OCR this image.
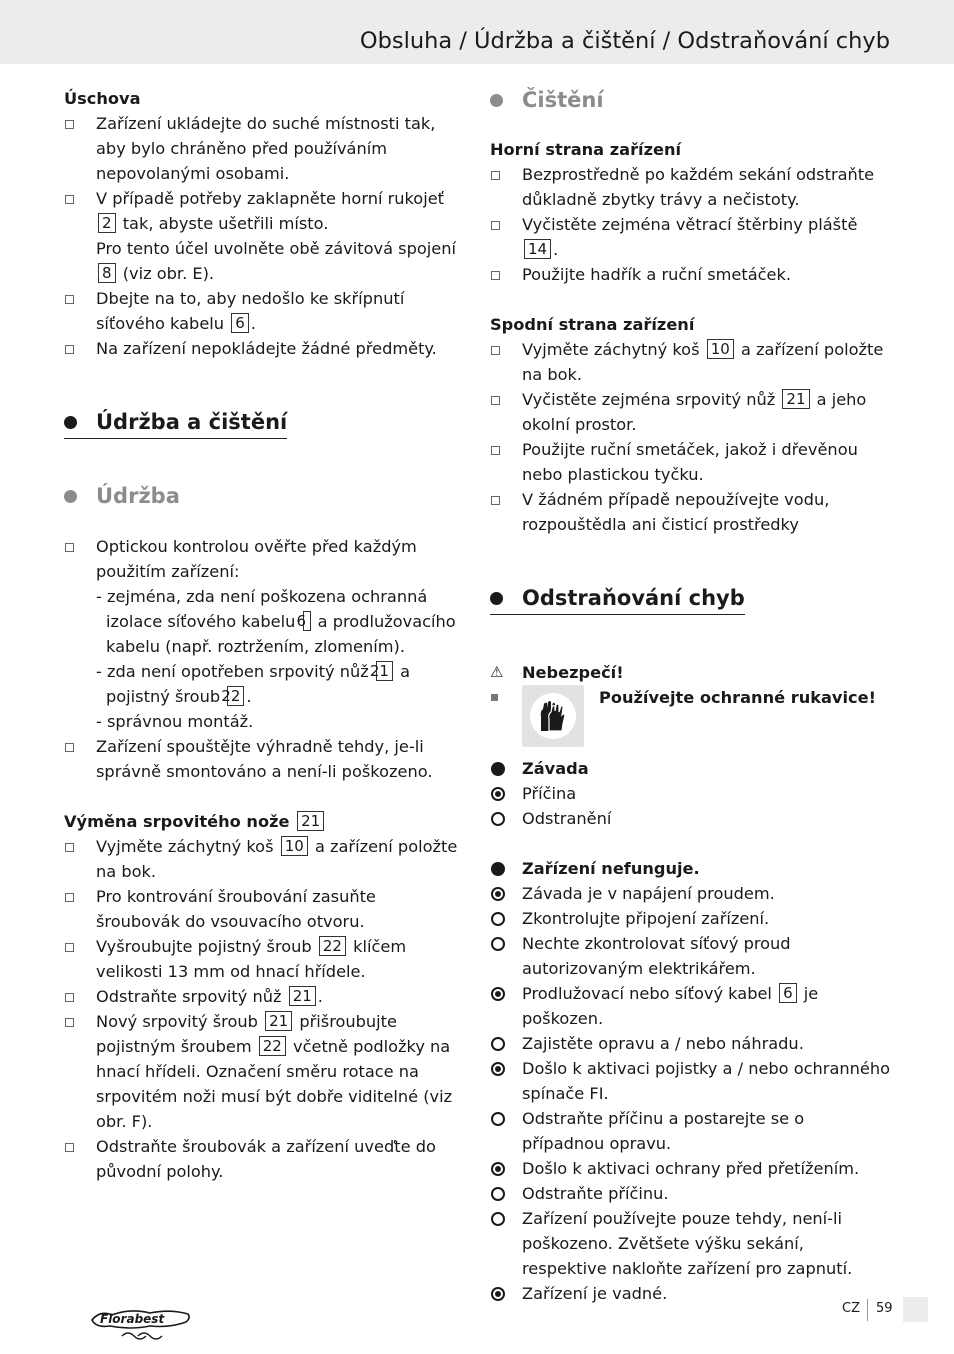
Obsluha / Údržba a čištění / Odstraňování chyb
Úschova
Zařízení ukládejte do suché místnosti tak, aby bylo chráněno před používáním nepovolanými osobami.
V případě potřeby zaklapněte horní rukojeť 2 tak, abyste ušetřili místo.
Pro tento účel uvolněte obě závitová spojení 8 (viz obr. E).
Dbejte na to, aby nedošlo ke skřípnutí síťového kabelu 6 .
Na zařízení nepokládejte žádné předměty.
Údržba a čištění
Údržba
Optickou kontrolou ověřte před každým použitím zařízení:
- zejména, zda není poškozena ochranná izolace síťového kabelu 6 a prodlužovacího kabelu (např. roztržením, zlomením).
- zda není opotřeben srpovitý nůž 21 a pojistný šroub 22 .
- správnou montáž.
Zařízení spouštějte výhradně tehdy, je-li správně smontováno a není-li poškozeno.
Výměna srpovitého nože 21
Vyjměte záchytný koš 10 a zařízení položte na bok.
Pro kontrování šroubování zasuňte šroubovák do vsouvacího otvoru.
Vyšroubujte pojistný šroub 22 klíčem velikosti 13 mm od hnací hřídele.
Odstraňte srpovitý nůž 21 .
Nový srpovitý šroub 21 přišroubujte pojistným šroubem 22 včetně podložky na hnací hřídeli. Označení směru rotace na srpovitém noži musí být dobře viditelné (viz obr. F).
Odstraňte šroubovák a zařízení uveďte do původní polohy.
Čištění
Horní strana zařízení
Bezprostředně po každém sekání odstraňte důkladně zbytky trávy a nečistoty.
Vyčistěte zejména větrací štěrbiny pláště 14 .
Použijte hadřík a ruční smetáček.
Spodní strana zařízení
Vyjměte záchytný koš 10 a zařízení položte na bok.
Vyčistěte zejména srpovitý nůž 21 a jeho okolní prostor.
Použijte ruční smetáček, jakož i dřevěnou nebo plastickou tyčku.
V žádném případě nepoužívejte vodu, rozpouštědla ani čisticí prostředky
Odstraňování chyb
⚠ Nebezpečí!
Používejte ochranné rukavice!
Závada
Příčina
Odstranění
Zařízení nefunguje.
Závada je v napájení proudem.
Zkontrolujte připojení zařízení.
Nechte zkontrolovat síťový proud autorizovaným elektrikářem.
Prodlužovací nebo síťový kabel 6 je poškozen.
Zajistěte opravu a / nebo náhradu.
Došlo k aktivaci pojistky a / nebo ochranného spínače FI.
Odstraňte příčinu a postarejte se o případnou opravu.
Došlo k aktivaci ochrany před přetížením.
Odstraňte příčinu.
Zařízení používejte pouze tehdy, není-li poškozeno. Zvětšete výšku sekání, respektive nakloňte zařízení pro zapnutí.
Zařízení je vadné.
Florabest
CZ 59
